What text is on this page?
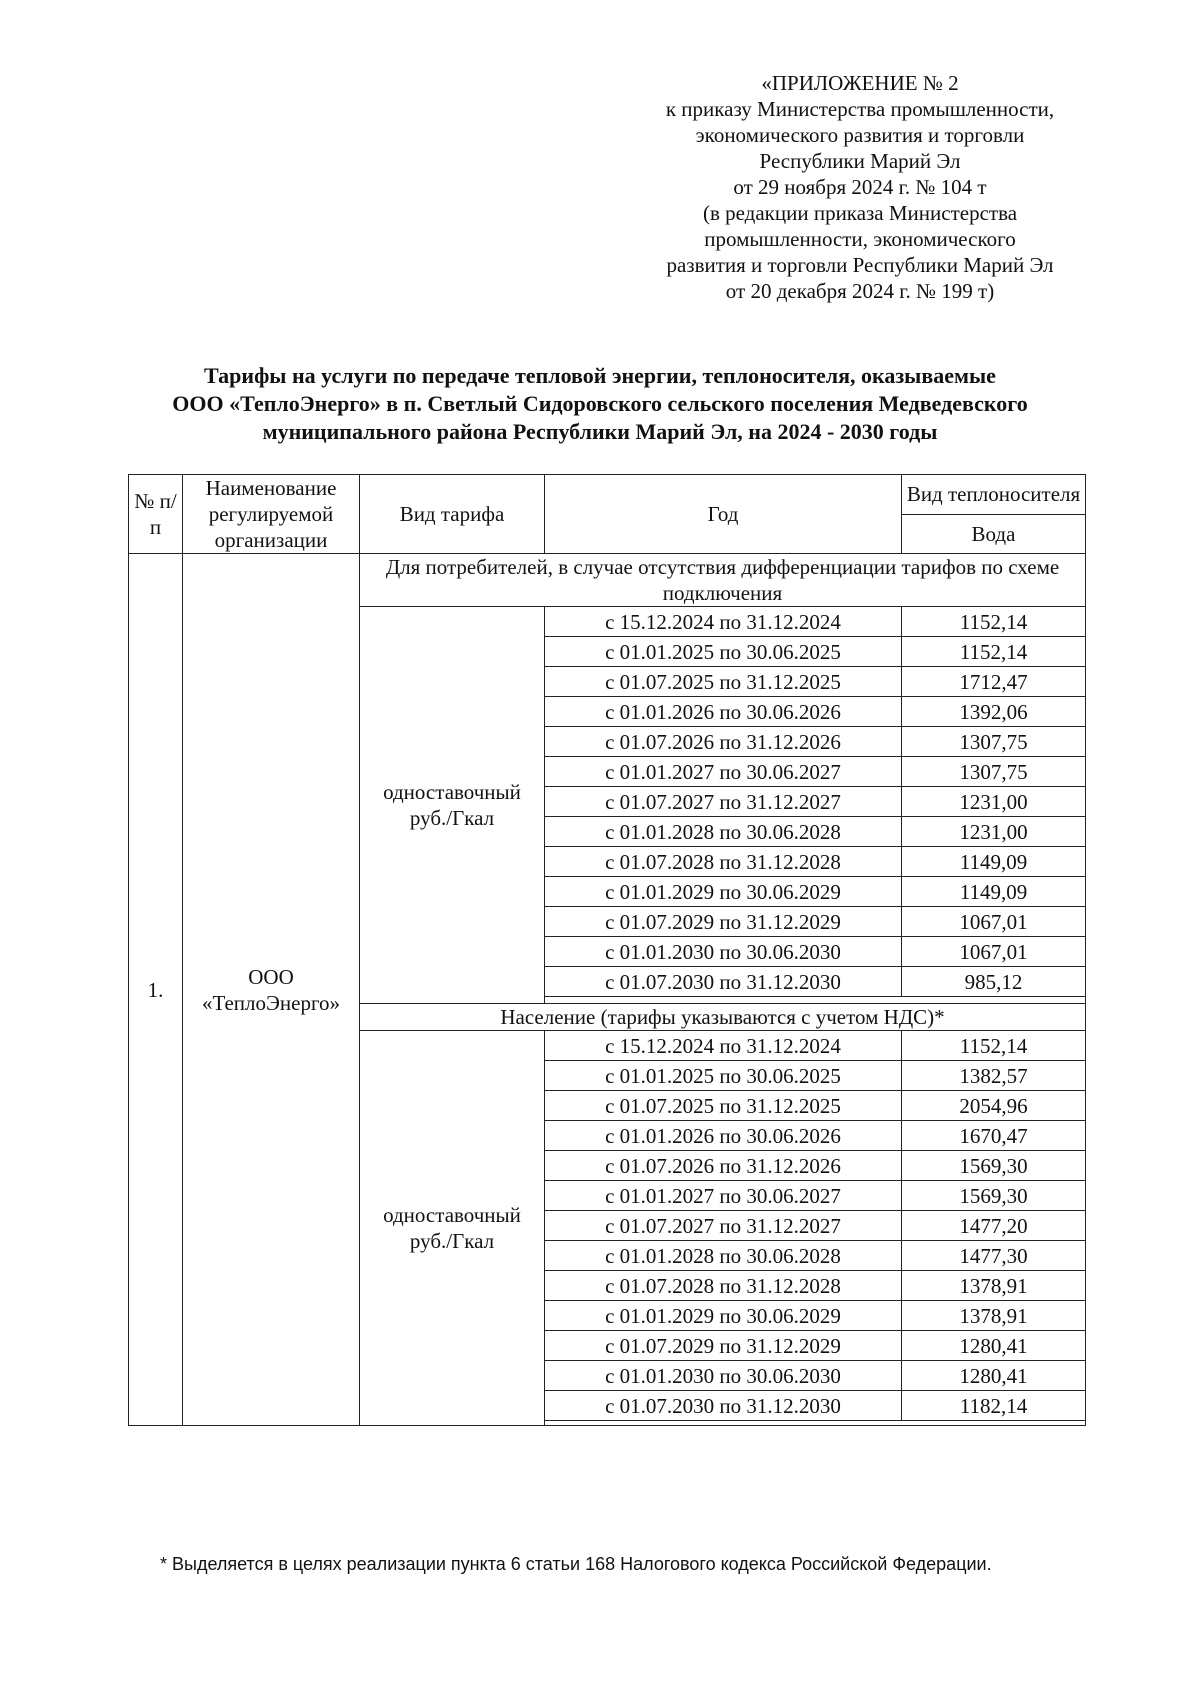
«ПРИЛОЖЕНИЕ № 2
к приказу Министерства промышленности,
экономического развития и торговли
Республики Марий Эл
от 29 ноября 2024 г. № 104 т
(в редакции приказа Министерства
промышленности, экономического
развития и торговли Республики Марий Эл
от 20 декабря 2024 г. № 199 т)
Тарифы на услуги по передаче тепловой энергии, теплоносителя, оказываемые
ООО «ТеплоЭнерго» в п. Светлый Сидоровского сельского поселения Медведевского
муниципального района Республики Марий Эл, на 2024 - 2030 годы
№ п/п	Наименование регулируемой организации	Вид тарифа	Год	Вид теплоносителя
				Вода
1.	ООО «ТеплоЭнерго»	Для потребителей, в случае отсутствия дифференциации тарифов по схеме подключения		
		одноставочный руб./Гкал	с 15.12.2024 по 31.12.2024	1152,14
			с 01.01.2025 по 30.06.2025	1152,14
			с 01.07.2025 по 31.12.2025	1712,47
			с 01.01.2026 по 30.06.2026	1392,06
			с 01.07.2026 по 31.12.2026	1307,75
			с 01.01.2027 по 30.06.2027	1307,75
			с 01.07.2027 по 31.12.2027	1231,00
			с 01.01.2028 по 30.06.2028	1231,00
			с 01.07.2028 по 31.12.2028	1149,09
			с 01.01.2029 по 30.06.2029	1149,09
			с 01.07.2029 по 31.12.2029	1067,01
			с 01.01.2030 по 30.06.2030	1067,01
			с 01.07.2030 по 31.12.2030	985,12

		Население (тарифы указываются с учетом НДС)*		
		одноставочный руб./Гкал	с 15.12.2024 по 31.12.2024	1152,14
			с 01.01.2025 по 30.06.2025	1382,57
			с 01.07.2025 по 31.12.2025	2054,96
			с 01.01.2026 по 30.06.2026	1670,47
			с 01.07.2026 по 31.12.2026	1569,30
			с 01.01.2027 по 30.06.2027	1569,30
			с 01.07.2027 по 31.12.2027	1477,20
			с 01.01.2028 по 30.06.2028	1477,30
			с 01.07.2028 по 31.12.2028	1378,91
			с 01.01.2029 по 30.06.2029	1378,91
			с 01.07.2029 по 31.12.2029	1280,41
			с 01.01.2030 по 30.06.2030	1280,41
			с 01.07.2030 по 31.12.2030	1182,14

* Выделяется в целях реализации пункта 6 статьи 168 Налогового кодекса Российской Федерации.
